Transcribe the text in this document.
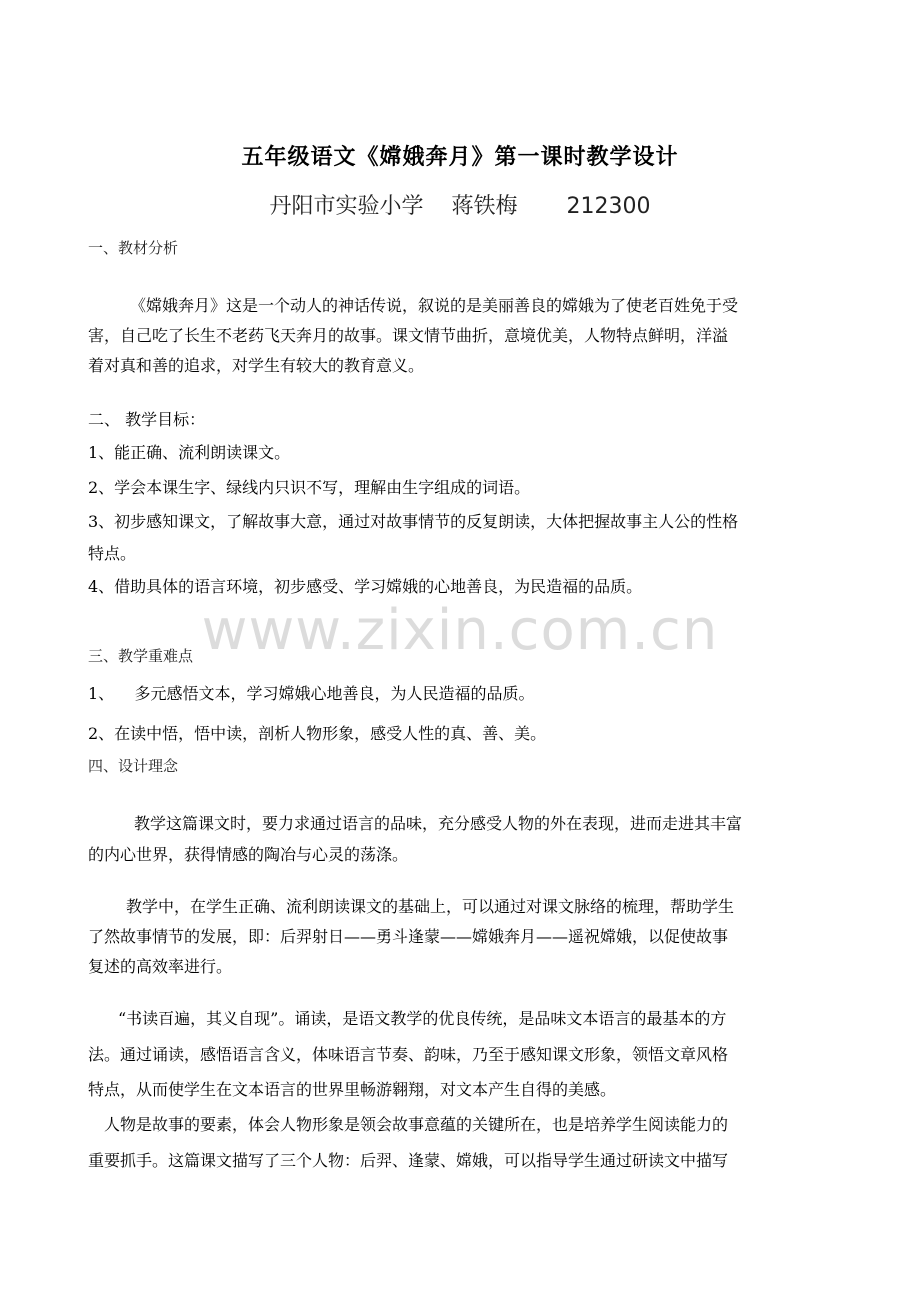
五年级语文《嫦娥奔月》第一课时教学设计
丹阳市实验小学 蒋铁梅 212300
一、教材分析
《嫦娥奔月》这是一个动人的神话传说，叙说的是美丽善良的嫦娥为了使老百姓免于受
害，自己吃了长生不老药飞天奔月的故事。课文情节曲折，意境优美，人物特点鲜明，洋溢
着对真和善的追求，对学生有较大的教育意义。
二、 教学目标：
1、能正确、流利朗读课文。
2、学会本课生字、绿线内只识不写，理解由生字组成的词语。
3、初步感知课文，了解故事大意，通过对故事情节的反复朗读，大体把握故事主人公的性格
特点。
4、借助具体的语言环境，初步感受、学习嫦娥的心地善良，为民造福的品质。
三、教学重难点
1、    多元感悟文本，学习嫦娥心地善良，为人民造福的品质。
2、在读中悟，悟中读，剖析人物形象，感受人性的真、善、美。
四、设计理念
教学这篇课文时，要力求通过语言的品味，充分感受人物的外在表现，进而走进其丰富
的内心世界，获得情感的陶冶与心灵的荡涤。
教学中，在学生正确、流利朗读课文的基础上，可以通过对课文脉络的梳理，帮助学生
了然故事情节的发展，即：后羿射日——勇斗逢蒙——嫦娥奔月——遥祝嫦娥，以促使故事
复述的高效率进行。
“书读百遍，其义自现”。诵读，是语文教学的优良传统，是品味文本语言的最基本的方
法。通过诵读，感悟语言含义，体味语言节奏、韵味，乃至于感知课文形象，领悟文章风格
特点，从而使学生在文本语言的世界里畅游翱翔，对文本产生自得的美感。
人物是故事的要素，体会人物形象是领会故事意蕴的关键所在，也是培养学生阅读能力的
重要抓手。这篇课文描写了三个人物：后羿、逢蒙、嫦娥，可以指导学生通过研读文中描写
www.zixin.com.cn
